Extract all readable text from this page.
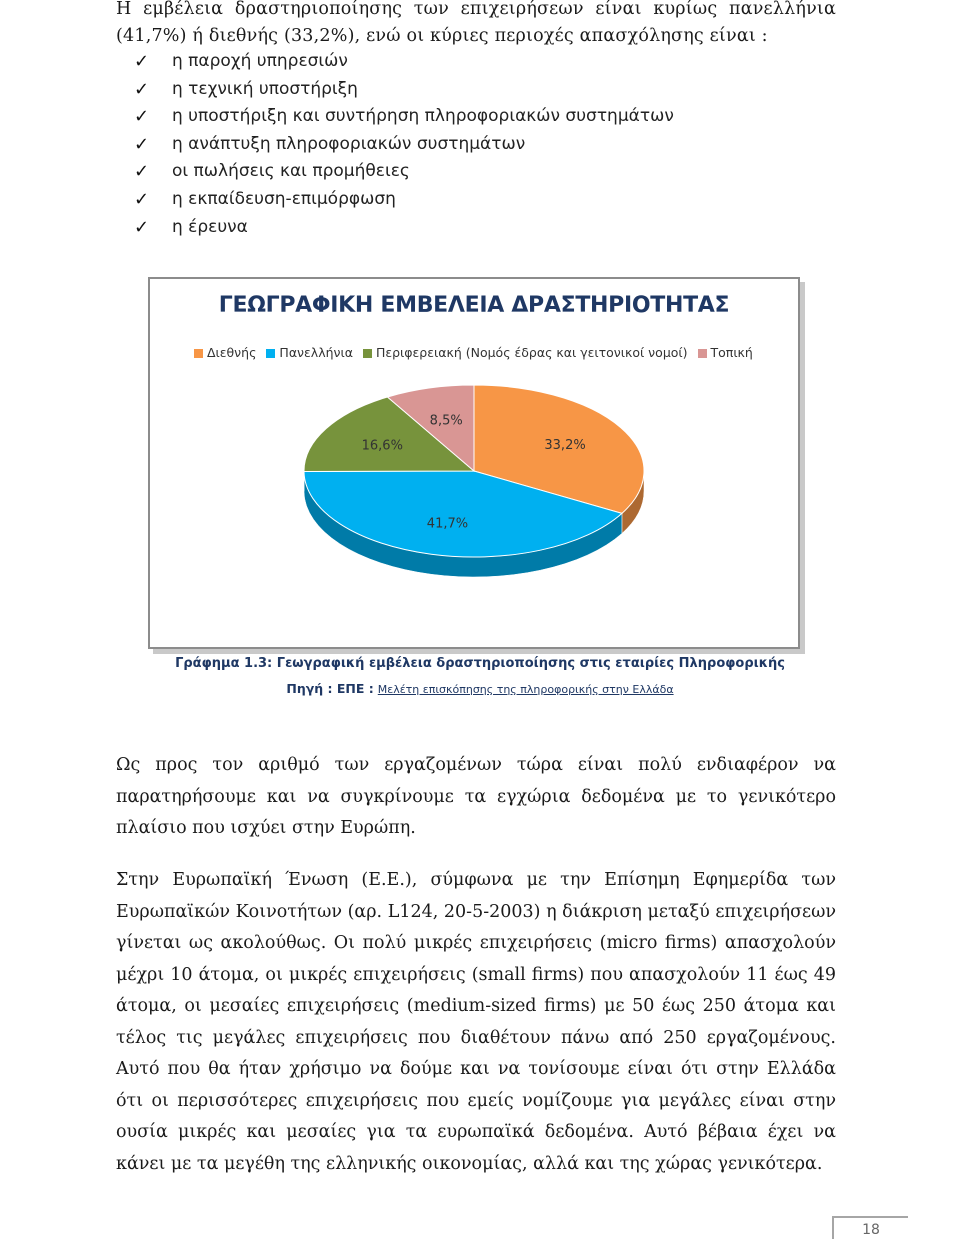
Η εμβέλεια δραστηριοποίησης των επιχειρήσεων είναι κυρίως πανελλήνια
(41,7%) ή διεθνής (33,2%), ενώ οι κύριες περιοχές απασχόλησης είναι :
✓ η παροχή υπηρεσιών
✓ η τεχνική υποστήριξη
✓ η υποστήριξη και συντήρηση πληροφοριακών συστημάτων
✓ η ανάπτυξη πληροφοριακών συστημάτων
✓ οι πωλήσεις και προμήθειες
✓ η εκπαίδευση-επιμόρφωση
✓ η έρευνα
ΓΕΩΓΡΑΦΙΚΗ ΕΜΒΕΛΕΙΑ ΔΡΑΣΤΗΡΙΟΤΗΤΑΣ
Διεθνής Πανελλήνια Περιφερειακή (Νομός έδρας και γειτονικοί νομοί) Τοπική
33,2%
41,7%
16,6%
8,5%
Γράφημα 1.3: Γεωγραφική εμβέλεια δραστηριοποίησης στις εταιρίες Πληροφορικής
Πηγή : ΕΠΕ : Μελέτη επισκόπησης της πληροφορικής στην Ελλάδα

Ως προς τον αριθμό των εργαζομένων τώρα είναι πολύ ενδιαφέρον να παρατηρήσουμε και να συγκρίνουμε τα εγχώρια δεδομένα με το γενικότερο πλαίσιο που ισχύει στην Ευρώπη.

Στην Ευρωπαϊκή Ένωση (Ε.Ε.), σύμφωνα με την Επίσημη Εφημερίδα των Ευρωπαϊκών Κοινοτήτων (αρ. L124, 20-5-2003) η διάκριση μεταξύ επιχειρήσεων γίνεται ως ακολούθως. Οι πολύ μικρές επιχειρήσεις (micro firms) απασχολούν μέχρι 10 άτομα, οι μικρές επιχειρήσεις (small firms) που απασχολούν 11 έως 49 άτομα, οι μεσαίες επιχειρήσεις (medium-sized firms) με 50 έως 250 άτομα και τέλος τις μεγάλες επιχειρήσεις που διαθέτουν πάνω από 250 εργαζομένους. Αυτό που θα ήταν χρήσιμο να δούμε και να τονίσουμε είναι ότι στην Ελλάδα ότι οι περισσότερες επιχειρήσεις που εμείς νομίζουμε για μεγάλες είναι στην ουσία μικρές και μεσαίες για τα ευρωπαϊκά δεδομένα. Αυτό βέβαια έχει να κάνει με τα μεγέθη της ελληνικής οικονομίας, αλλά και της χώρας γενικότερα.

18
